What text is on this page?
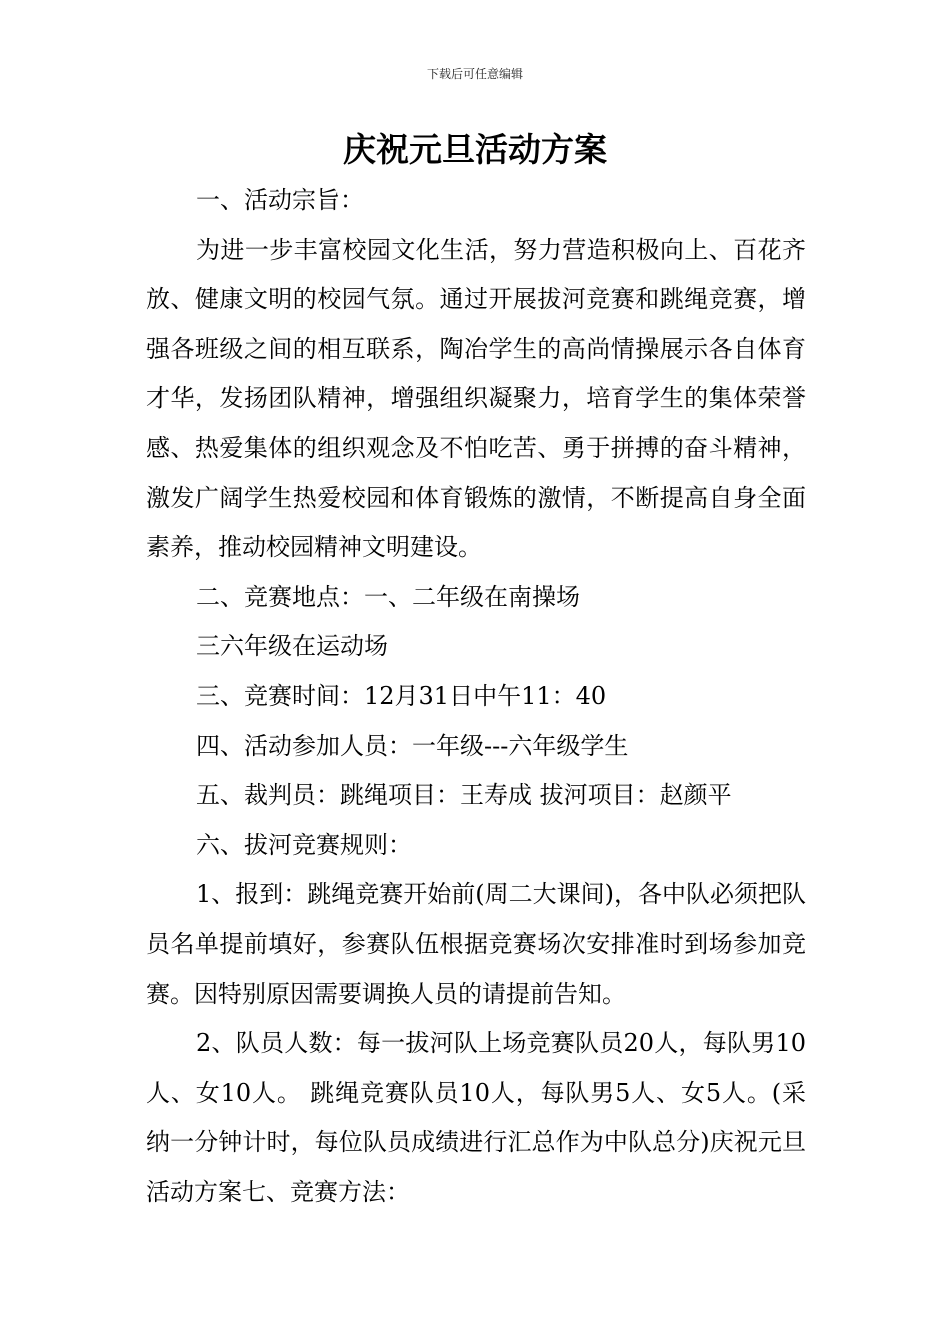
下载后可任意编辑
庆祝元旦活动方案

一、活动宗旨：

为进一步丰富校园文化生活，努力营造积极向上、百花齐放、健康文明的校园气氛。通过开展拔河竞赛和跳绳竞赛，增强各班级之间的相互联系，陶冶学生的高尚情操展示各自体育才华，发扬团队精神，增强组织凝聚力，培育学生的集体荣誉感、热爱集体的组织观念及不怕吃苦、勇于拼搏的奋斗精神，激发广阔学生热爱校园和体育锻炼的激情，不断提高自身全面素养，推动校园精神文明建设。

二、竞赛地点：一、二年级在南操场

三六年级在运动场

三、竞赛时间：12月31日中午11：40

四、活动参加人员：一年级---六年级学生

五、裁判员：跳绳项目：王寿成 拔河项目：赵颜平

六、拔河竞赛规则：

1、报到：跳绳竞赛开始前(周二大课间)，各中队必须把队员名单提前填好，参赛队伍根据竞赛场次安排准时到场参加竞赛。因特别原因需要调换人员的请提前告知。

2、队员人数：每一拔河队上场竞赛队员20人，每队男10人、女10人。 跳绳竞赛队员10人，每队男5人、女5人。(采纳一分钟计时，每位队员成绩进行汇总作为中队总分)庆祝元旦活动方案七、竞赛方法：
